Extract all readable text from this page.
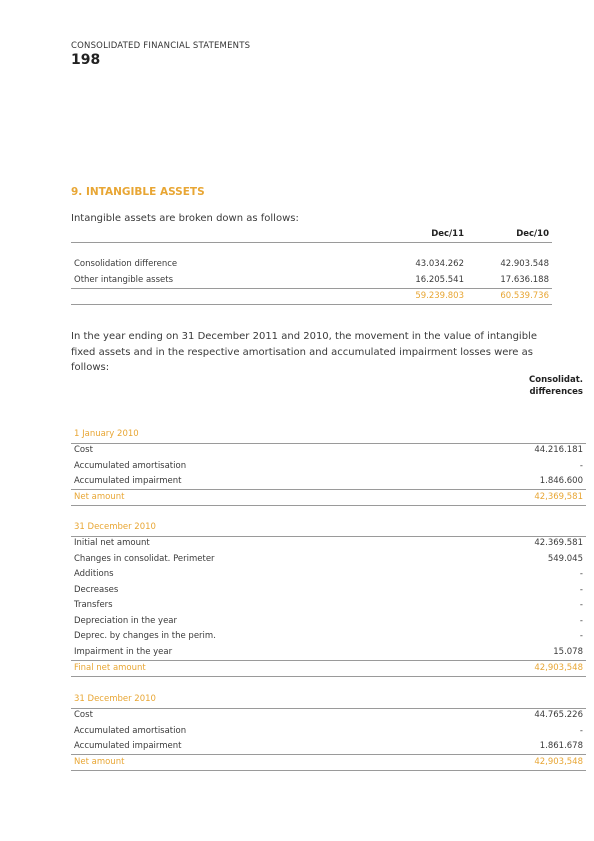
CONSOLIDATED FINANCIAL STATEMENTS
198
9. INTANGIBLE ASSETS
Intangible assets are broken down as follows:
Dec/11	Dec/10
Consolidation difference	43.034.262	42.903.548
Other intangible assets	16.205.541	17.636.188
59.239.803	60.539.736
In the year ending on 31 December 2011 and 2010, the movement in the value of intangible fixed assets and in the respective amortisation and accumulated impairment losses were as follows:
Consolidat.
differences
1 January 2010
Cost	44.216.181
Accumulated amortisation	-
Accumulated impairment	1.846.600
Net amount	42,369,581
31 December 2010
Initial net amount	42.369.581
Changes in consolidat. Perimeter	549.045
Additions	-
Decreases	-
Transfers	-
Depreciation in the year	-
Deprec. by changes in the perim.	-
Impairment in the year	15.078
Final net amount	42,903,548
31 December 2010
Cost	44.765.226
Accumulated amortisation	-
Accumulated impairment	1.861.678
Net amount	42,903,548
